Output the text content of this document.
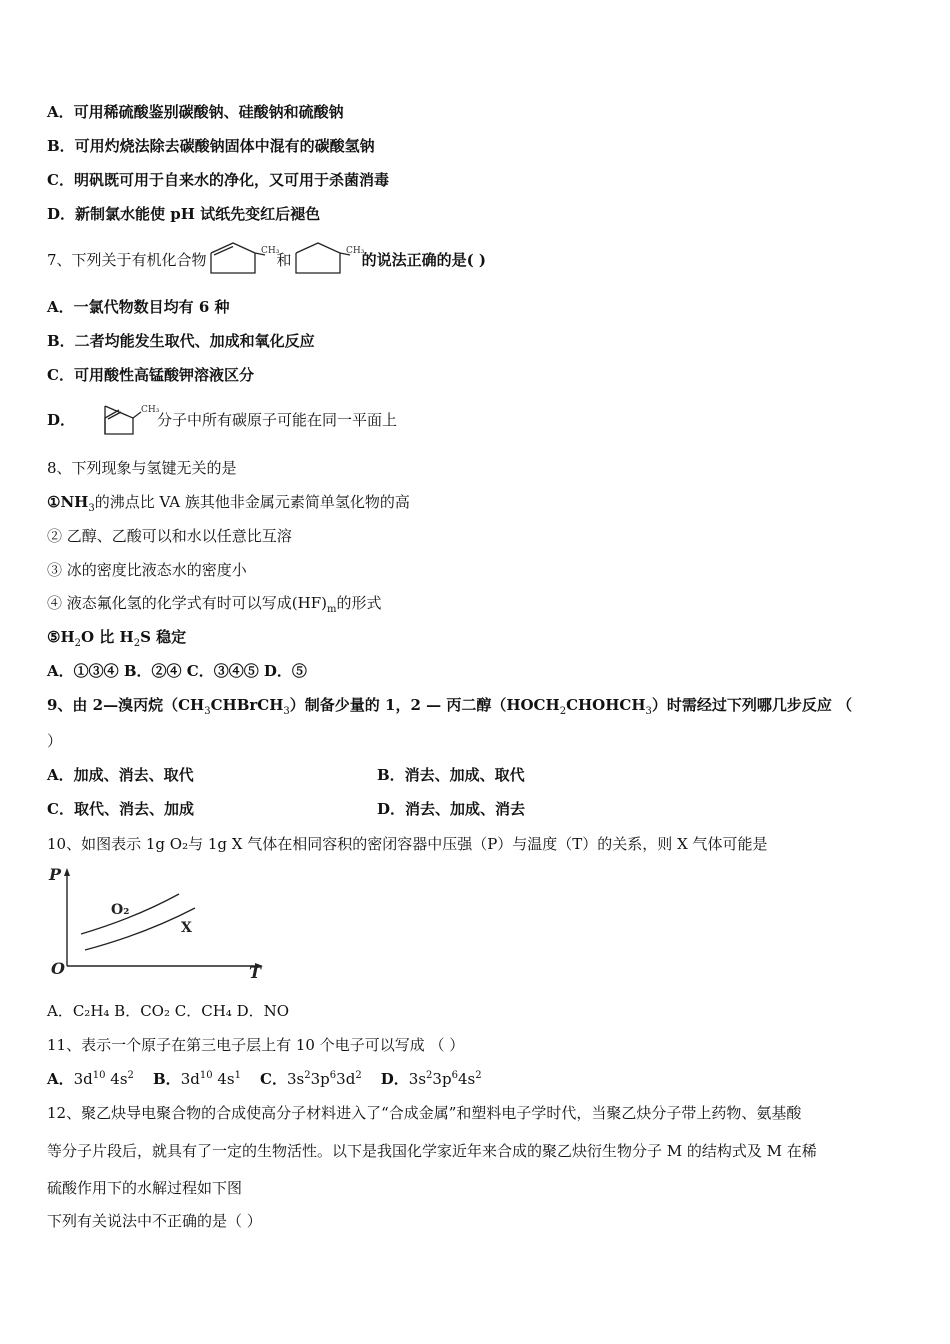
A．可用稀硫酸鉴别碳酸钠、硅酸钠和硫酸钠
B．可用灼烧法除去碳酸钠固体中混有的碳酸氢钠
C．明矾既可用于自来水的净化，又可用于杀菌消毒
D．新制氯水能使 pH 试纸先变红后褪色
7、下列关于有机化合物	CH₃
和	CH₃
的说法正确的是( )
A．一氯代物数目均有 6 种
B．二者均能发生取代、加成和氧化反应
C．可用酸性高锰酸钾溶液区分
D．
CH₃
分子中所有碳原子可能在同一平面上
8、下列现象与氢键无关的是
$①NH_3$的沸点比 VA 族其他非金属元素简单氢化物的高
② 乙醇、乙酸可以和水以任意比互溶
③ 冰的密度比液态水的密度小
④ 液态氟化氢的化学式有时可以写成$(HF)_m$的形式
$⑤H_2O$ 比 $H_2S$ 稳定
A．①③④ B．②④ C．③④⑤ D．⑤
9、由 2—溴丙烷$(CH_3CHBrCH_3)$制备少量的 1，2 — 丙二醇$(HOCH_2CHOHCH_3)$时需经过下列哪几步反应 （
）
A．加成、消去、取代	B．消去、加成、取代
C．取代、消去、加成	D．消去、加成、消去
10、如图表示 1g O₂与 1g X 气体在相同容积的密闭容器中压强（P）与温度（T）的关系，则 X 气体可能是
P
T
O
O₂
X
A．C₂H₄ B．CO₂ C．CH₄ D．NO
11、表示一个原子在第三电子层上有 10 个电子可以写成 （ ）
A．$3d^{10}$ $4s^2$ B．$3d^{10}$ $4s^1$ C．$3s^23p^63d^2$ D．$3s^23p^64s^2$
12、聚乙炔导电聚合物的合成使高分子材料进入了“合成金属”和塑料电子学时代，当聚乙炔分子带上药物、氨基酸
等分子片段后，就具有了一定的生物活性。以下是我国化学家近年来合成的聚乙炔衍生物分子 M 的结构式及 M 在稀
硫酸作用下的水解过程如下图
下列有关说法中不正确的是（ ）
